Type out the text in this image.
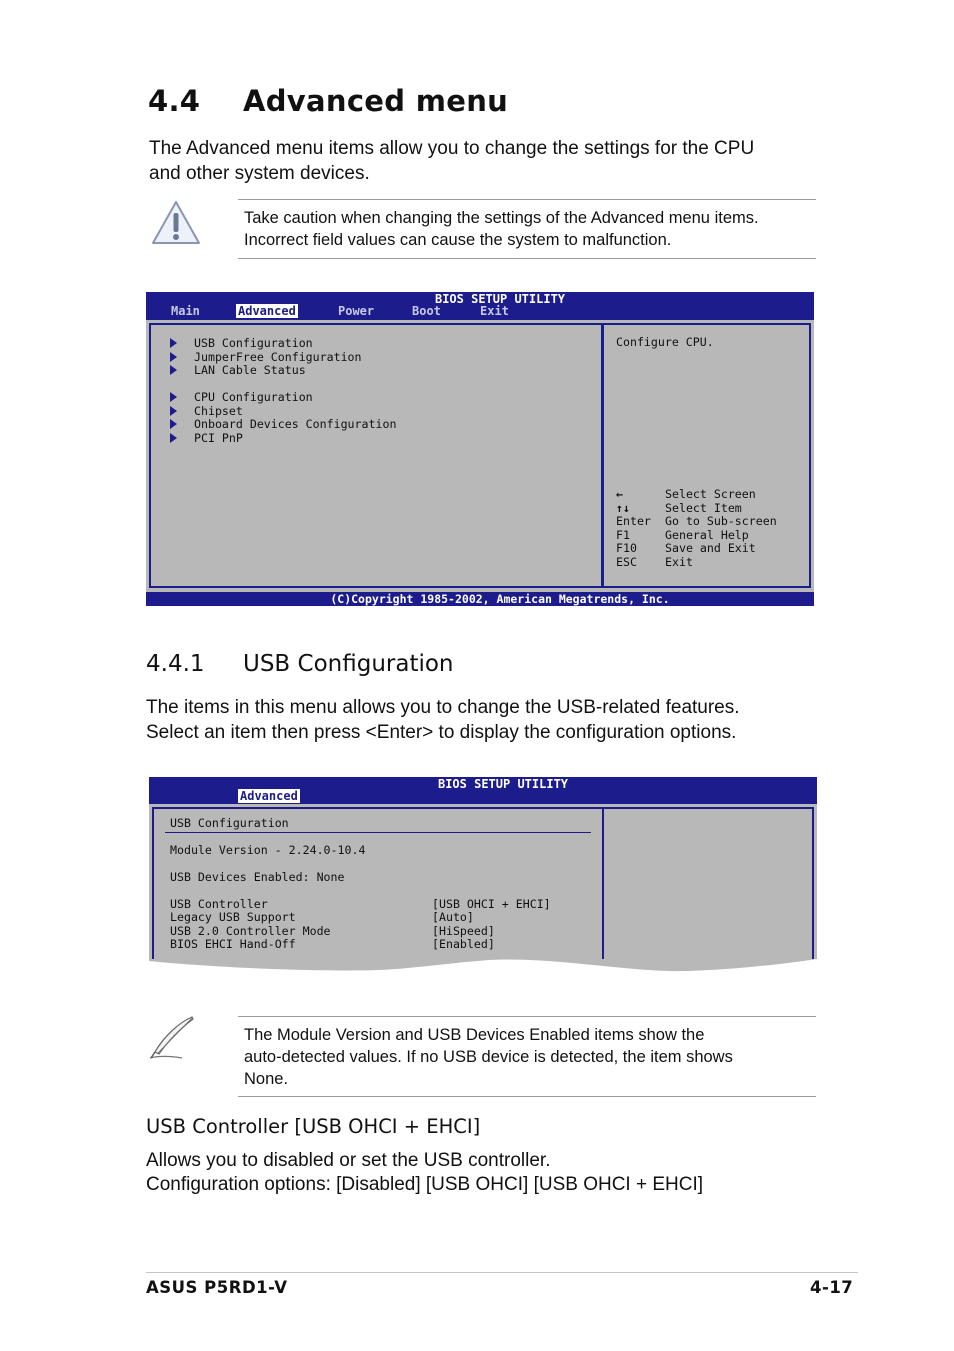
4.4 Advanced menu
The Advanced menu items allow you to change the settings for the CPU
and other system devices.
Take caution when changing the settings of the Advanced menu items.
Incorrect field values can cause the system to malfunction.
BIOS SETUP UTILITY
Main	Advanced	Power	Boot	Exit
USB Configuration
JumperFree Configuration
LAN Cable Status
CPU Configuration
Chipset
Onboard Devices Configuration
PCI PnP
Configure CPU.
←	Select Screen
↑↓	Select Item
Enter Go to Sub-screen
F1	General Help
F10 Save and Exit
ESC Exit
(C)Copyright 1985-2002, American Megatrends, Inc.
4.4.1 USB Configuration
The items in this menu allows you to change the USB-related features.
Select an item then press <Enter> to display the configuration options.
BIOS SETUP UTILITY
Advanced
USB Configuration
Module Version - 2.24.0-10.4
USB Devices Enabled: None
USB Controller	[USB OHCI + EHCI]
Legacy USB Support	[Auto]
USB 2.0 Controller Mode	[HiSpeed]
BIOS EHCI Hand-Off	[Enabled]
The Module Version and USB Devices Enabled items show the
auto-detected values. If no USB device is detected, the item shows
None.
USB Controller [USB OHCI + EHCI]
Allows you to disabled or set the USB controller.
Configuration options: [Disabled] [USB OHCI] [USB OHCI + EHCI]
ASUS P5RD1-V	4-17
